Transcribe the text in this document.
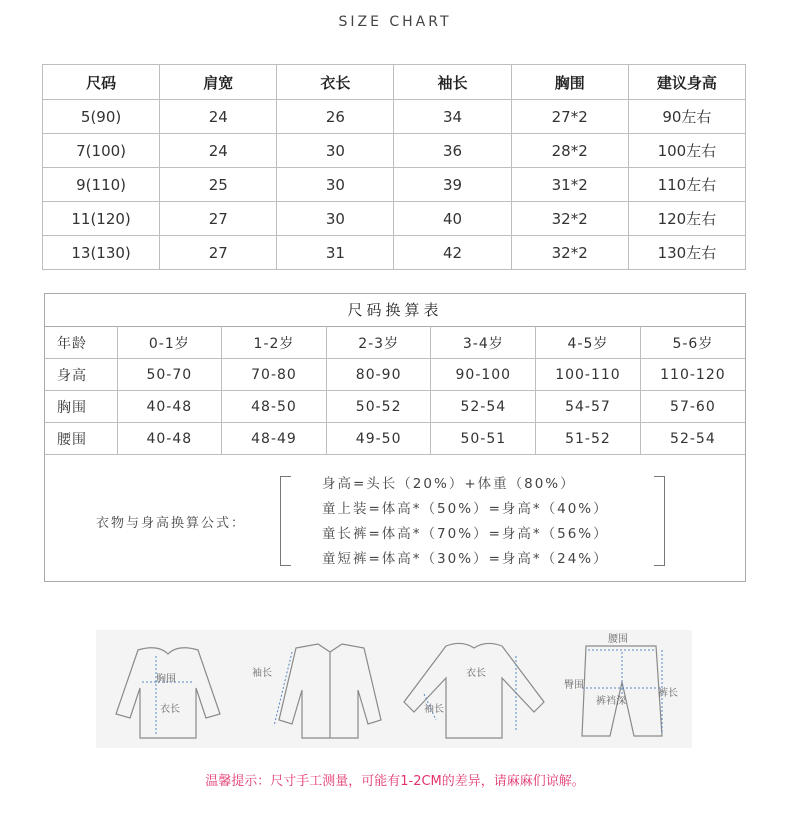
SIZE CHART
尺码	肩宽	衣长	袖长	胸围	建议身高
5(90)	24	26	34	27*2	90左右
7(100)	24	30	36	28*2	100左右
9(110)	25	30	39	31*2	110左右
11(120)	27	30	40	32*2	120左右
13(130)	27	31	42	32*2	130左右
尺码换算表
年龄	0-1岁	1-2岁	2-3岁	3-4岁	4-5岁	5-6岁
身高	50-70	70-80	80-90	90-100	100-110	110-120
胸围	40-48	48-50	50-52	52-54	54-57	57-60
腰围	40-48	48-49	49-50	50-51	51-52	52-54
衣物与身高换算公式：
身高=头长（20%）+体重（80%）
童上装=体高*（50%）=身高*（40%）
童长裤=体高*（70%）=身高*（56%）
童短裤=体高*（30%）=身高*（24%）
胸围
衣长
袖长	衣长
袖长
腰围
臀围
裤裆深
裤长
温馨提示：尺寸手工测量，可能有1-2CM的差异，请麻麻们谅解。
